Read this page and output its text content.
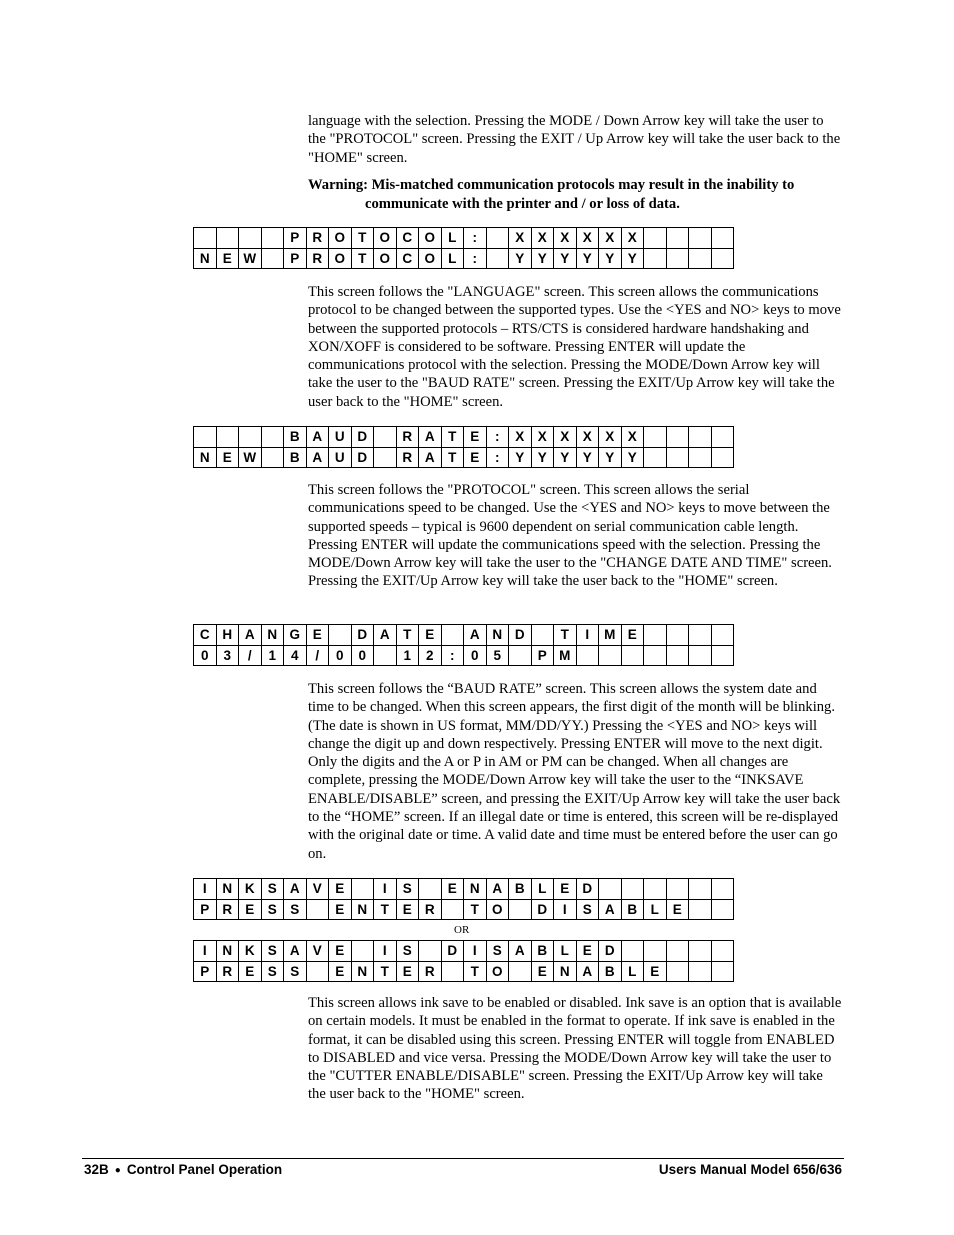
language with the selection. Pressing the MODE / Down Arrow key will take the user to the "PROTOCOL" screen. Pressing the EXIT / Up Arrow key will take the user back to the "HOME" screen.

Warning: Mis-matched communication protocols may result in the inability to
communicate with the printer and / or loss of data.

				P	R	O	T	O	C	O	L	:		X	X	X	X	X	X				
N	E	W		P	R	O	T	O	C	O	L	:		Y	Y	Y	Y	Y	Y				

This screen follows the "LANGUAGE" screen. This screen allows the communications protocol to be changed between the supported types. Use the <YES and NO> keys to move between the supported protocols – RTS/CTS is considered hardware handshaking and XON/XOFF is considered to be software. Pressing ENTER will update the communications protocol with the selection. Pressing the MODE/Down Arrow key will take the user to the "BAUD RATE" screen. Pressing the EXIT/Up Arrow key will take the user back to the "HOME" screen.

				B	A	U	D		R	A	T	E	:	X	X	X	X	X	X				
N	E	W		B	A	U	D		R	A	T	E	:	Y	Y	Y	Y	Y	Y				

This screen follows the "PROTOCOL" screen. This screen allows the serial communications speed to be changed. Use the <YES and NO> keys to move between the supported speeds – typical is 9600 dependent on serial communication cable length. Pressing ENTER will update the communications speed with the selection. Pressing the MODE/Down Arrow key will take the user to the "CHANGE DATE AND TIME" screen. Pressing the EXIT/Up Arrow key will take the user back to the "HOME" screen.

C	H	A	N	G	E		D	A	T	E		A	N	D		T	I	M	E				
0	3	/	1	4	/	0	0		1	2	:	0	5		P	M							

This screen follows the “BAUD RATE” screen. This screen allows the system date and time to be changed. When this screen appears, the first digit of the month will be blinking. (The date is shown in US format, MM/DD/YY.) Pressing the <YES and NO> keys will change the digit up and down respectively. Pressing ENTER will move to the next digit. Only the digits and the A or P in AM or PM can be changed. When all changes are complete, pressing the MODE/Down Arrow key will take the user to the “INKSAVE ENABLE/DISABLE” screen, and pressing the EXIT/Up Arrow key will take the user back to the “HOME” screen. If an illegal date or time is entered, this screen will be re-displayed with the original date or time. A valid date and time must be entered before the user can go on.

I	N	K	S	A	V	E		I	S		E	N	A	B	L	E	D						
P	R	E	S	S		E	N	T	E	R		T	O		D	I	S	A	B	L	E		
OR
I	N	K	S	A	V	E		I	S		D	I	S	A	B	L	E	D					
P	R	E	S	S		E	N	T	E	R		T	O		E	N	A	B	L	E			

This screen allows ink save to be enabled or disabled. Ink save is an option that is available on certain models. It must be enabled in the format to operate. If ink save is enabled in the format, it can be disabled using this screen. Pressing ENTER will toggle from ENABLED to DISABLED and vice versa. Pressing the MODE/Down Arrow key will take the user to the "CUTTER ENABLE/DISABLE" screen. Pressing the EXIT/Up Arrow key will take the user back to the "HOME" screen.

32B ● Control Panel Operation	Users Manual Model 656/636
